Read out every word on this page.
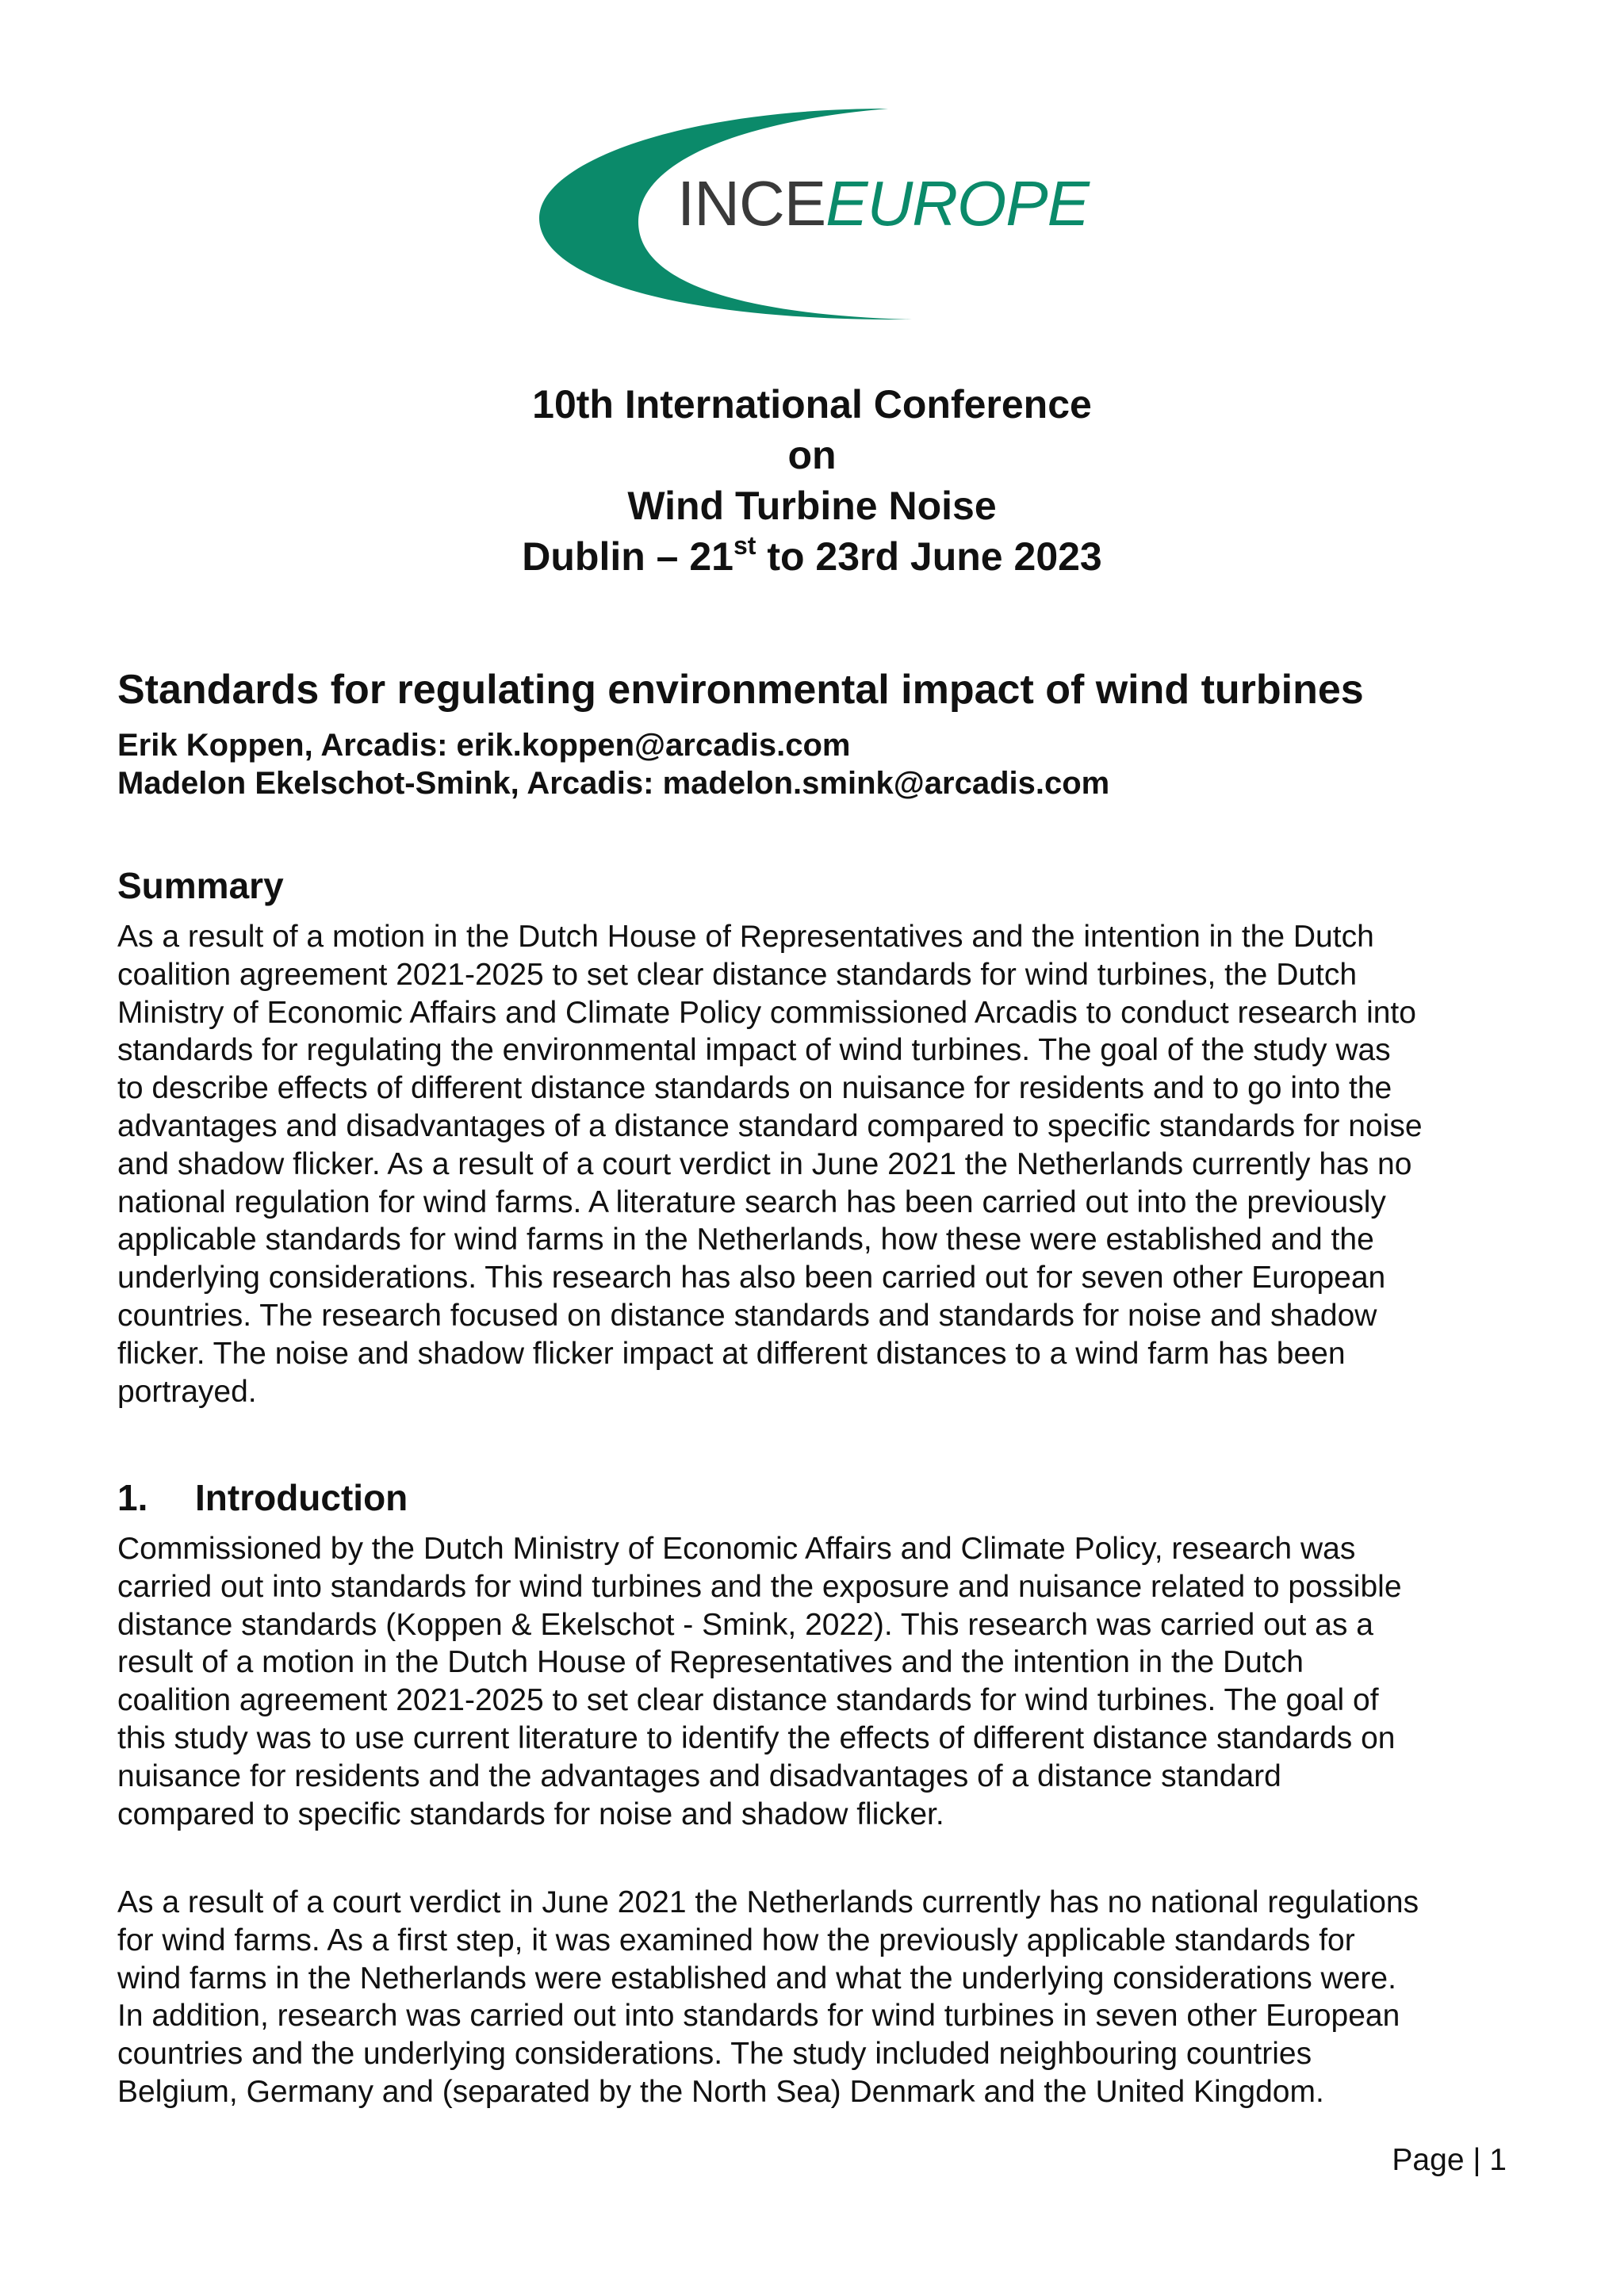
INCEEUROPE
10th International Conference
on
Wind Turbine Noise
Dublin – 21st to 23rd June 2023
Standards for regulating environmental impact of wind turbines
Erik Koppen, Arcadis: erik.koppen@arcadis.com
Madelon Ekelschot-Smink, Arcadis: madelon.smink@arcadis.com
Summary
As a result of a motion in the Dutch House of Representatives and the intention in the Dutch
coalition agreement 2021-2025 to set clear distance standards for wind turbines, the Dutch
Ministry of Economic Affairs and Climate Policy commissioned Arcadis to conduct research into
standards for regulating the environmental impact of wind turbines. The goal of the study was
to describe effects of different distance standards on nuisance for residents and to go into the
advantages and disadvantages of a distance standard compared to specific standards for noise
and shadow flicker. As a result of a court verdict in June 2021 the Netherlands currently has no
national regulation for wind farms. A literature search has been carried out into the previously
applicable standards for wind farms in the Netherlands, how these were established and the
underlying considerations. This research has also been carried out for seven other European
countries. The research focused on distance standards and standards for noise and shadow
flicker. The noise and shadow flicker impact at different distances to a wind farm has been
portrayed.
1. Introduction
Commissioned by the Dutch Ministry of Economic Affairs and Climate Policy, research was
carried out into standards for wind turbines and the exposure and nuisance related to possible
distance standards (Koppen & Ekelschot - Smink, 2022). This research was carried out as a
result of a motion in the Dutch House of Representatives and the intention in the Dutch
coalition agreement 2021-2025 to set clear distance standards for wind turbines. The goal of
this study was to use current literature to identify the effects of different distance standards on
nuisance for residents and the advantages and disadvantages of a distance standard
compared to specific standards for noise and shadow flicker.
As a result of a court verdict in June 2021 the Netherlands currently has no national regulations
for wind farms. As a first step, it was examined how the previously applicable standards for
wind farms in the Netherlands were established and what the underlying considerations were.
In addition, research was carried out into standards for wind turbines in seven other European
countries and the underlying considerations. The study included neighbouring countries
Belgium, Germany and (separated by the North Sea) Denmark and the United Kingdom.
Page | 1
